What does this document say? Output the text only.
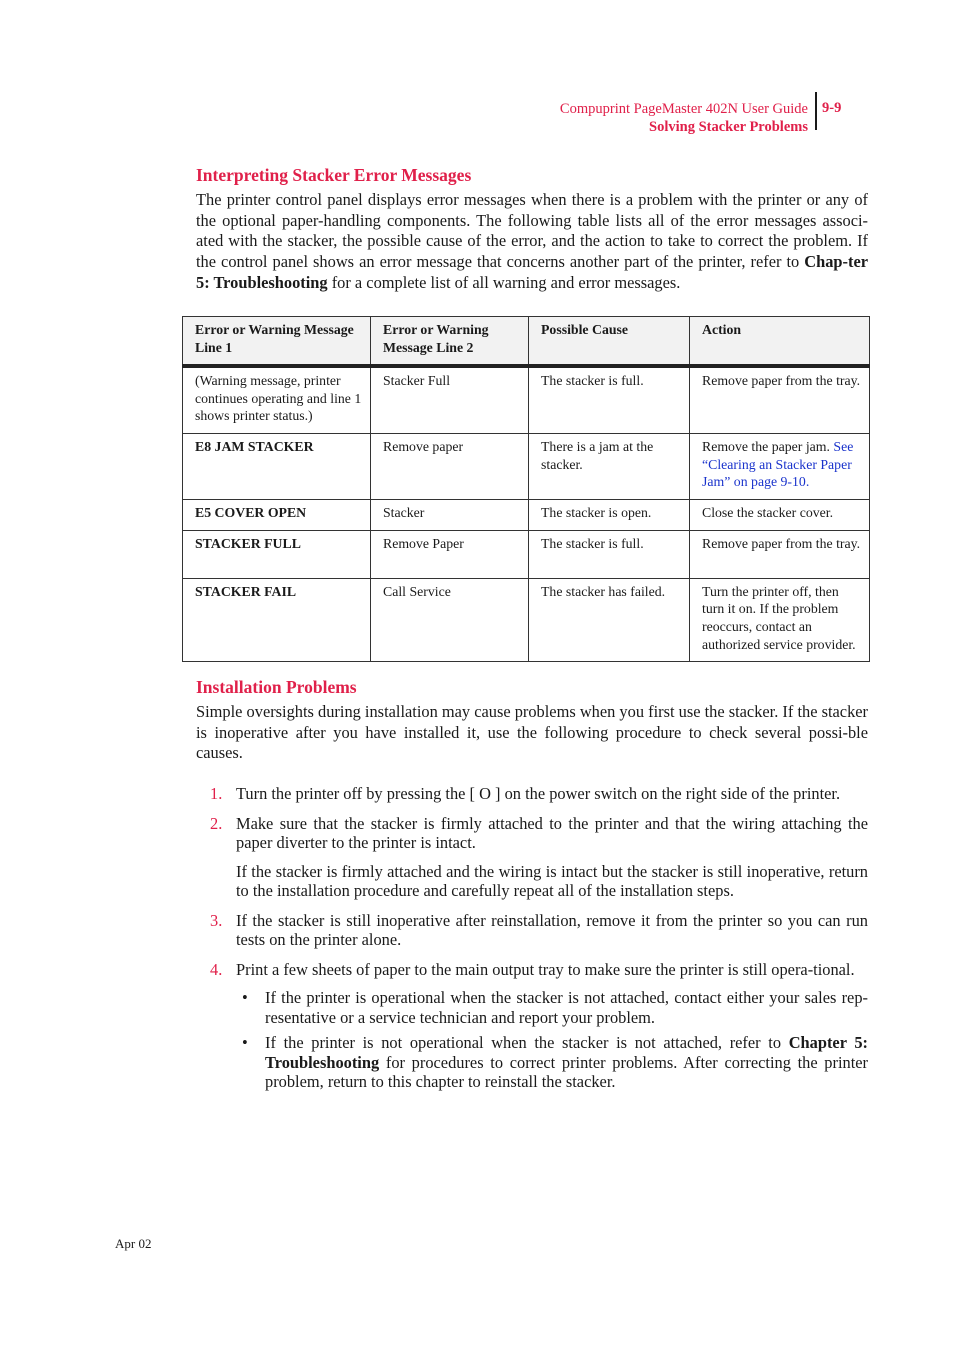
Compuprint PageMaster 402N User Guide
Solving Stacker Problems
9-9
Interpreting Stacker Error Messages

The printer control panel displays error messages when there is a problem with the printer or any of the optional paper-handling components. The following table lists all of the error messages associ-ated with the stacker, the possible cause of the error, and the action to take to correct the problem. If the control panel shows an error message that concerns another part of the printer, refer to Chap-ter 5: Troubleshooting for a complete list of all warning and error messages.

Error or Warning Message Line 1	Error or Warning Message Line 2	Possible Cause	Action
(Warning message, printer continues operating and line 1 shows printer status.)	Stacker Full	The stacker is full.	Remove paper from the tray.
E8 JAM STACKER	Remove paper	There is a jam at the stacker.	Remove the paper jam. See “Clearing an Stacker Paper Jam” on page 9-10.
E5 COVER OPEN	Stacker	The stacker is open.	Close the stacker cover.
STACKER FULL	Remove Paper	The stacker is full.	Remove paper from the tray.
STACKER FAIL	Call Service	The stacker has failed.	Turn the printer off, then turn it on. If the problem reoccurs, contact an authorized service provider.
Installation Problems

Simple oversights during installation may cause problems when you first use the stacker. If the stacker is inoperative after you have installed it, use the following procedure to check several possi-ble causes.

1. Turn the printer off by pressing the [ O ] on the power switch on the right side of the printer.

2. Make sure that the stacker is firmly attached to the printer and that the wiring attaching the paper diverter to the printer is intact.

If the stacker is firmly attached and the wiring is intact but the stacker is still inoperative, return to the installation procedure and carefully repeat all of the installation steps.

3. If the stacker is still inoperative after reinstallation, remove it from the printer so you can run tests on the printer alone.

4. Print a few sheets of paper to the main output tray to make sure the printer is still opera-tional.

• If the printer is operational when the stacker is not attached, contact either your sales rep-resentative or a service technician and report your problem.

• If the printer is not operational when the stacker is not attached, refer to Chapter 5: Troubleshooting for procedures to correct printer problems. After correcting the printer problem, return to this chapter to reinstall the stacker.

Apr 02
